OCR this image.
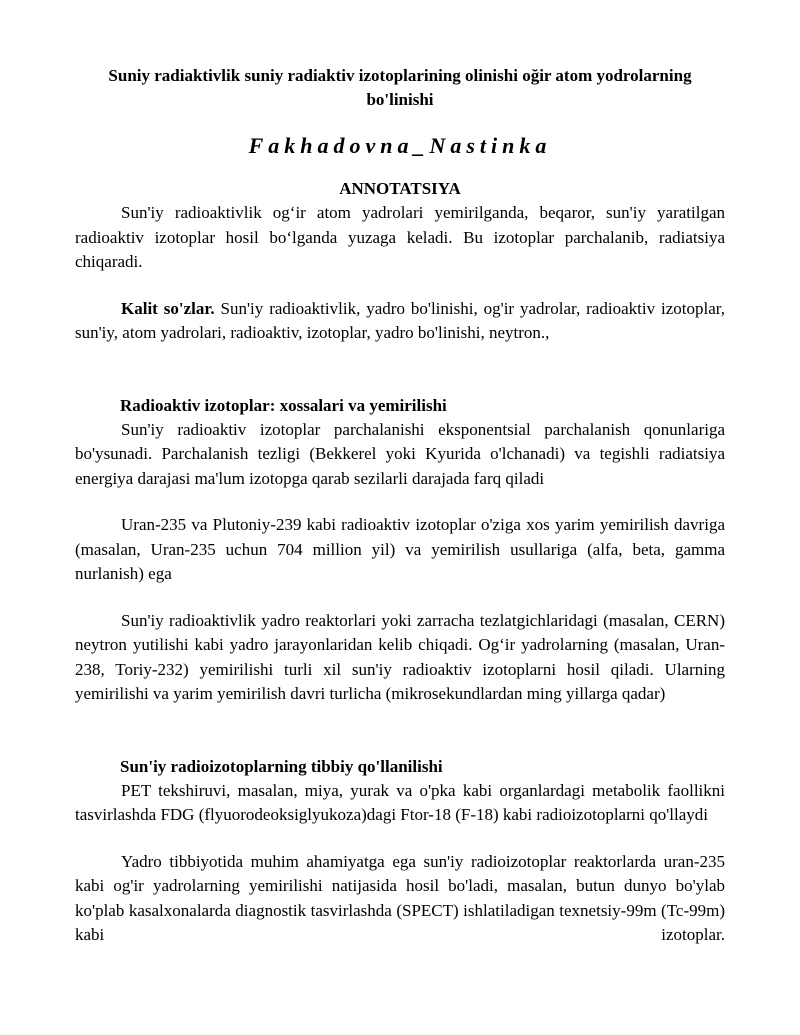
Suniy radiaktivlik suniy radiaktiv izotoplarining olinishi oğir atom yodrolarning bo'linishi
Fakhadovna_Nastinka
ANNOTATSIYA

Sun'iy radioaktivlik og‘ir atom yadrolari yemirilganda, beqaror, sun'iy yaratilgan radioaktiv izotoplar hosil bo‘lganda yuzaga keladi. Bu izotoplar parchalanib, radiatsiya chiqaradi.

Kalit so'zlar. Sun'iy radioaktivlik, yadro bo'linishi, og'ir yadrolar, radioaktiv izotoplar, sun'iy, atom yadrolari, radioaktiv, izotoplar, yadro bo'linishi, neytron.,

Radioaktiv izotoplar: xossalari va yemirilishi

Sun'iy radioaktiv izotoplar parchalanishi eksponentsial parchalanish qonunlariga bo'ysunadi. Parchalanish tezligi (Bekkerel yoki Kyurida o'lchanadi) va tegishli radiatsiya energiya darajasi ma'lum izotopga qarab sezilarli darajada farq qiladi

Uran-235 va Plutoniy-239 kabi radioaktiv izotoplar o'ziga xos yarim yemirilish davriga (masalan, Uran-235 uchun 704 million yil) va yemirilish usullariga (alfa, beta, gamma nurlanish) ega

Sun'iy radioaktivlik yadro reaktorlari yoki zarracha tezlatgichlaridagi (masalan, CERN) neytron yutilishi kabi yadro jarayonlaridan kelib chiqadi. Og‘ir yadrolarning (masalan, Uran-238, Toriy-232) yemirilishi turli xil sun'iy radioaktiv izotoplarni hosil qiladi. Ularning yemirilishi va yarim yemirilish davri turlicha (mikrosekundlardan ming yillarga qadar)

Sun'iy radioizotoplarning tibbiy qo'llanilishi

PET tekshiruvi, masalan, miya, yurak va o'pka kabi organlardagi metabolik faollikni tasvirlashda FDG (flyuorodeoksiglyukoza)dagi Ftor-18 (F-18) kabi radioizotoplarni qo'llaydi

Yadro tibbiyotida muhim ahamiyatga ega sun'iy radioizotoplar reaktorlarda uran-235 kabi og'ir yadrolarning yemirilishi natijasida hosil bo'ladi, masalan, butun dunyo bo'ylab ko'plab kasalxonalarda diagnostik tasvirlashda (SPECT) ishlatiladigan texnetsiy-99m (Tc-99m) kabi izotoplar.
